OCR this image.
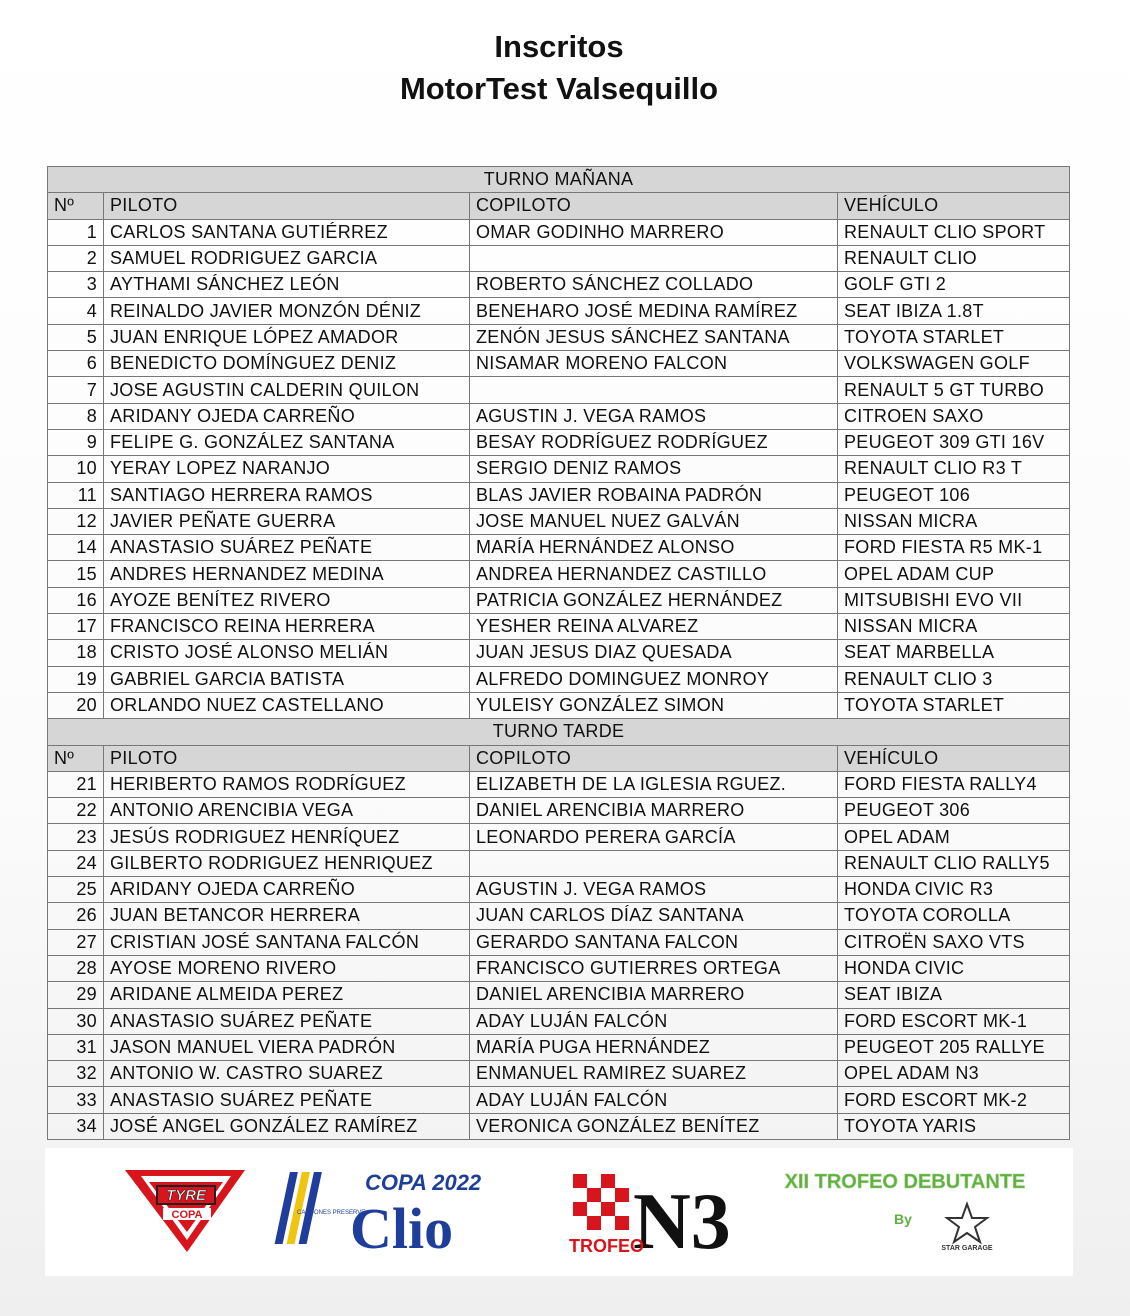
Inscritos
MotorTest Valsequillo
TURNO MAÑANA			
Nº	PILOTO	COPILOTO	VEHÍCULO
1	CARLOS SANTANA GUTIÉRREZ	OMAR GODINHO MARRERO	RENAULT CLIO SPORT
2	SAMUEL RODRIGUEZ GARCIA		RENAULT CLIO
3	AYTHAMI SÁNCHEZ LEÓN	ROBERTO SÁNCHEZ COLLADO	GOLF GTI 2
4	REINALDO JAVIER MONZÓN DÉNIZ	BENEHARO JOSÉ MEDINA RAMÍREZ	SEAT IBIZA 1.8T
5	JUAN ENRIQUE LÓPEZ AMADOR	ZENÓN JESUS SÁNCHEZ SANTANA	TOYOTA STARLET
6	BENEDICTO DOMÍNGUEZ DENIZ	NISAMAR MORENO FALCON	VOLKSWAGEN GOLF
7	JOSE AGUSTIN CALDERIN QUILON		RENAULT 5 GT TURBO
8	ARIDANY OJEDA CARREÑO	AGUSTIN J. VEGA RAMOS	CITROEN SAXO
9	FELIPE G. GONZÁLEZ SANTANA	BESAY RODRÍGUEZ RODRÍGUEZ	PEUGEOT 309 GTI 16V
10	YERAY LOPEZ NARANJO	SERGIO DENIZ RAMOS	RENAULT CLIO R3 T
11	SANTIAGO HERRERA RAMOS	BLAS JAVIER ROBAINA PADRÓN	PEUGEOT 106
12	JAVIER PEÑATE GUERRA	JOSE MANUEL NUEZ GALVÁN	NISSAN MICRA
14	ANASTASIO SUÁREZ PEÑATE	MARÍA HERNÁNDEZ ALONSO	FORD FIESTA R5 MK-1
15	ANDRES HERNANDEZ MEDINA	ANDREA HERNANDEZ CASTILLO	OPEL ADAM CUP
16	AYOZE BENÍTEZ RIVERO	PATRICIA GONZÁLEZ HERNÁNDEZ	MITSUBISHI EVO VII
17	FRANCISCO REINA HERRERA	YESHER REINA ALVAREZ	NISSAN MICRA
18	CRISTO JOSÉ ALONSO MELIÁN	JUAN JESUS DIAZ QUESADA	SEAT MARBELLA
19	GABRIEL GARCIA BATISTA	ALFREDO DOMINGUEZ MONROY	RENAULT CLIO 3
20	ORLANDO NUEZ CASTELLANO	YULEISY GONZÁLEZ SIMON	TOYOTA STARLET
TURNO TARDE			
Nº	PILOTO	COPILOTO	VEHÍCULO
21	HERIBERTO RAMOS RODRÍGUEZ	ELIZABETH DE LA IGLESIA RGUEZ.	FORD FIESTA RALLY4
22	ANTONIO ARENCIBIA VEGA	DANIEL ARENCIBIA MARRERO	PEUGEOT 306
23	JESÚS RODRIGUEZ HENRÍQUEZ	LEONARDO PERERA GARCÍA	OPEL ADAM
24	GILBERTO RODRIGUEZ HENRIQUEZ		RENAULT CLIO RALLY5
25	ARIDANY OJEDA CARREÑO	AGUSTIN J. VEGA RAMOS	HONDA CIVIC R3
26	JUAN BETANCOR HERRERA	JUAN CARLOS DÍAZ SANTANA	TOYOTA COROLLA
27	CRISTIAN JOSÉ SANTANA FALCÓN	GERARDO SANTANA FALCON	CITROËN SAXO VTS
28	AYOSE MORENO RIVERO	FRANCISCO GUTIERRES ORTEGA	HONDA CIVIC
29	ARIDANE ALMEIDA PEREZ	DANIEL ARENCIBIA MARRERO	SEAT IBIZA
30	ANASTASIO SUÁREZ PEÑATE	ADAY LUJÁN FALCÓN	FORD ESCORT MK-1
31	JASON MANUEL VIERA PADRÓN	MARÍA PUGA HERNÁNDEZ	PEUGEOT 205 RALLYE
32	ANTONIO W. CASTRO SUAREZ	ENMANUEL RAMIREZ SUAREZ	OPEL ADAM N3
33	ANASTASIO SUÁREZ PEÑATE	ADAY LUJÁN FALCÓN	FORD ESCORT MK-2
34	JOSÉ ANGEL GONZÁLEZ RAMÍREZ	VERONICA GONZÁLEZ BENÍTEZ	TOYOTA YARIS
TYRE
COPA
COPA 2022
Clio
CARDONES PRESERVE	N3
TROFEO
XII TROFEO DEBUTANTE
By
STAR GARAGE
